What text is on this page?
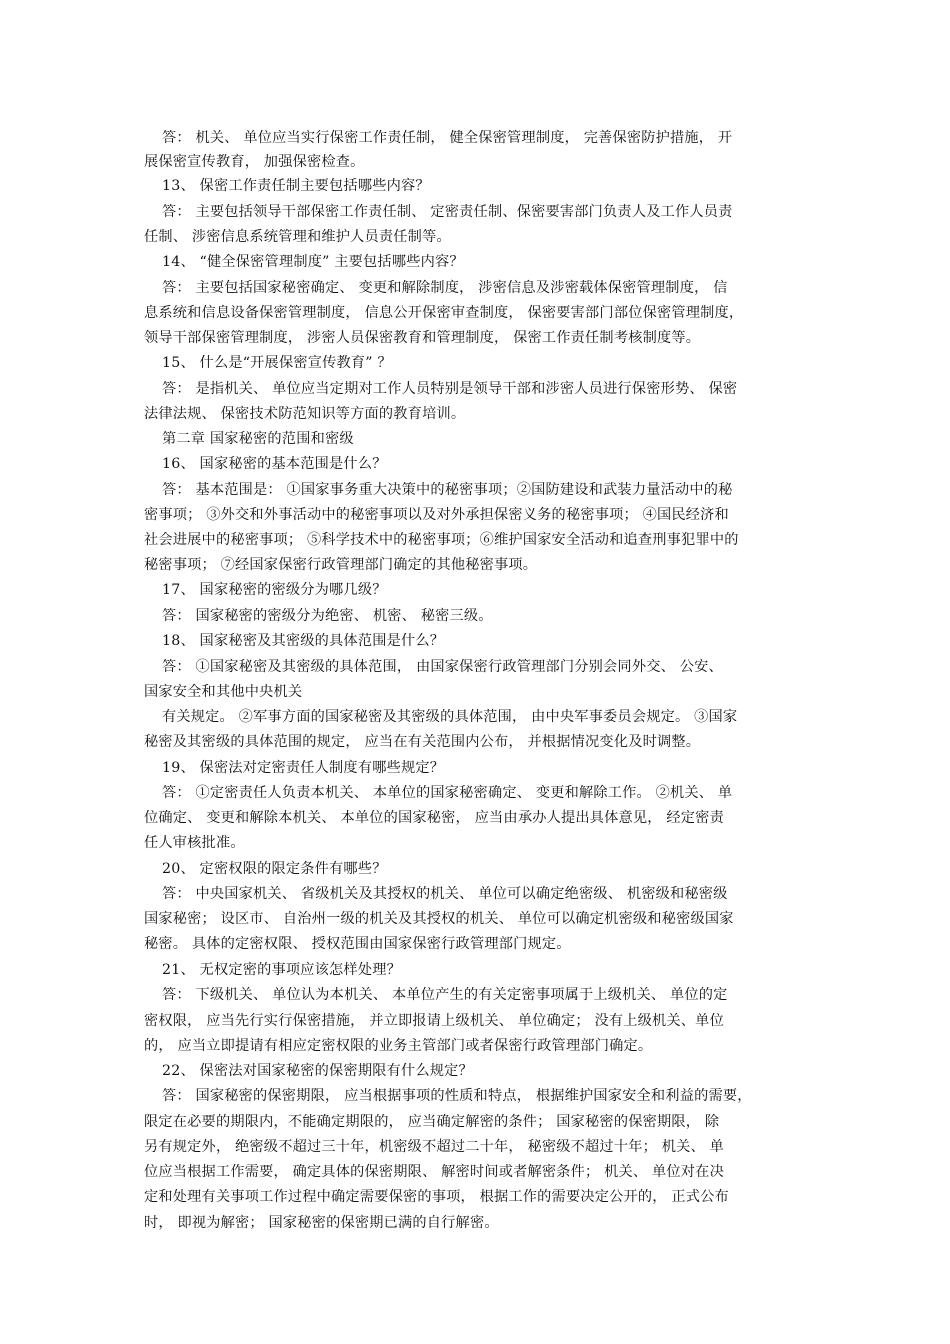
答： 机关、 单位应当实行保密工作责任制， 健全保密管理制度， 完善保密防护措施， 开
展保密宣传教育， 加强保密检查。
13、 保密工作责任制主要包括哪些内容？
答： 主要包括领导干部保密工作责任制、 定密责任制、保密要害部门负责人及工作人员责
任制、 涉密信息系统管理和维护人员责任制等。
14、 “健全保密管理制度” 主要包括哪些内容？
答： 主要包括国家秘密确定、 变更和解除制度， 涉密信息及涉密载体保密管理制度， 信
息系统和信息设备保密管理制度， 信息公开保密审查制度， 保密要害部门部位保密管理制度，
领导干部保密管理制度， 涉密人员保密教育和管理制度， 保密工作责任制考核制度等。
15、 什么是“开展保密宣传教育” ？
答： 是指机关、 单位应当定期对工作人员特别是领导干部和涉密人员进行保密形势、 保密
法律法规、 保密技术防范知识等方面的教育培训。
第二章 国家秘密的范围和密级
16、 国家秘密的基本范围是什么？
答： 基本范围是： ①国家事务重大决策中的秘密事项；②国防建设和武装力量活动中的秘
密事项； ③外交和外事活动中的秘密事项以及对外承担保密义务的秘密事项； ④国民经济和
社会进展中的秘密事项； ⑤科学技术中的秘密事项；⑥维护国家安全活动和追查刑事犯罪中的
秘密事项； ⑦经国家保密行政管理部门确定的其他秘密事项。
17、 国家秘密的密级分为哪几级？
答： 国家秘密的密级分为绝密、 机密、 秘密三级。
18、 国家秘密及其密级的具体范围是什么？
答： ①国家秘密及其密级的具体范围， 由国家保密行政管理部门分别会同外交、 公安、
国家安全和其他中央机关
有关规定。 ②军事方面的国家秘密及其密级的具体范围， 由中央军事委员会规定。 ③国家
秘密及其密级的具体范围的规定， 应当在有关范围内公布， 并根据情况变化及时调整。
19、 保密法对定密责任人制度有哪些规定？
答： ①定密责任人负责本机关、 本单位的国家秘密确定、 变更和解除工作。 ②机关、 单
位确定、 变更和解除本机关、 本单位的国家秘密， 应当由承办人提出具体意见， 经定密责
任人审核批准。
20、 定密权限的限定条件有哪些？
答： 中央国家机关、 省级机关及其授权的机关、 单位可以确定绝密级、 机密级和秘密级
国家秘密； 设区市、 自治州一级的机关及其授权的机关、 单位可以确定机密级和秘密级国家
秘密。 具体的定密权限、 授权范围由国家保密行政管理部门规定。
21、 无权定密的事项应该怎样处理？
答： 下级机关、 单位认为本机关、 本单位产生的有关定密事项属于上级机关、 单位的定
密权限， 应当先行实行保密措施， 并立即报请上级机关、 单位确定； 没有上级机关、单位
的， 应当立即提请有相应定密权限的业务主管部门或者保密行政管理部门确定。
22、 保密法对国家秘密的保密期限有什么规定？
答： 国家秘密的保密期限， 应当根据事项的性质和特点， 根据维护国家安全和利益的需要，
限定在必要的期限内，不能确定期限的， 应当确定解密的条件； 国家秘密的保密期限， 除
另有规定外， 绝密级不超过三十年，机密级不超过二十年， 秘密级不超过十年； 机关、 单
位应当根据工作需要， 确定具体的保密期限、 解密时间或者解密条件； 机关、 单位对在决
定和处理有关事项工作过程中确定需要保密的事项， 根据工作的需要决定公开的， 正式公布
时， 即视为解密； 国家秘密的保密期已满的自行解密。
